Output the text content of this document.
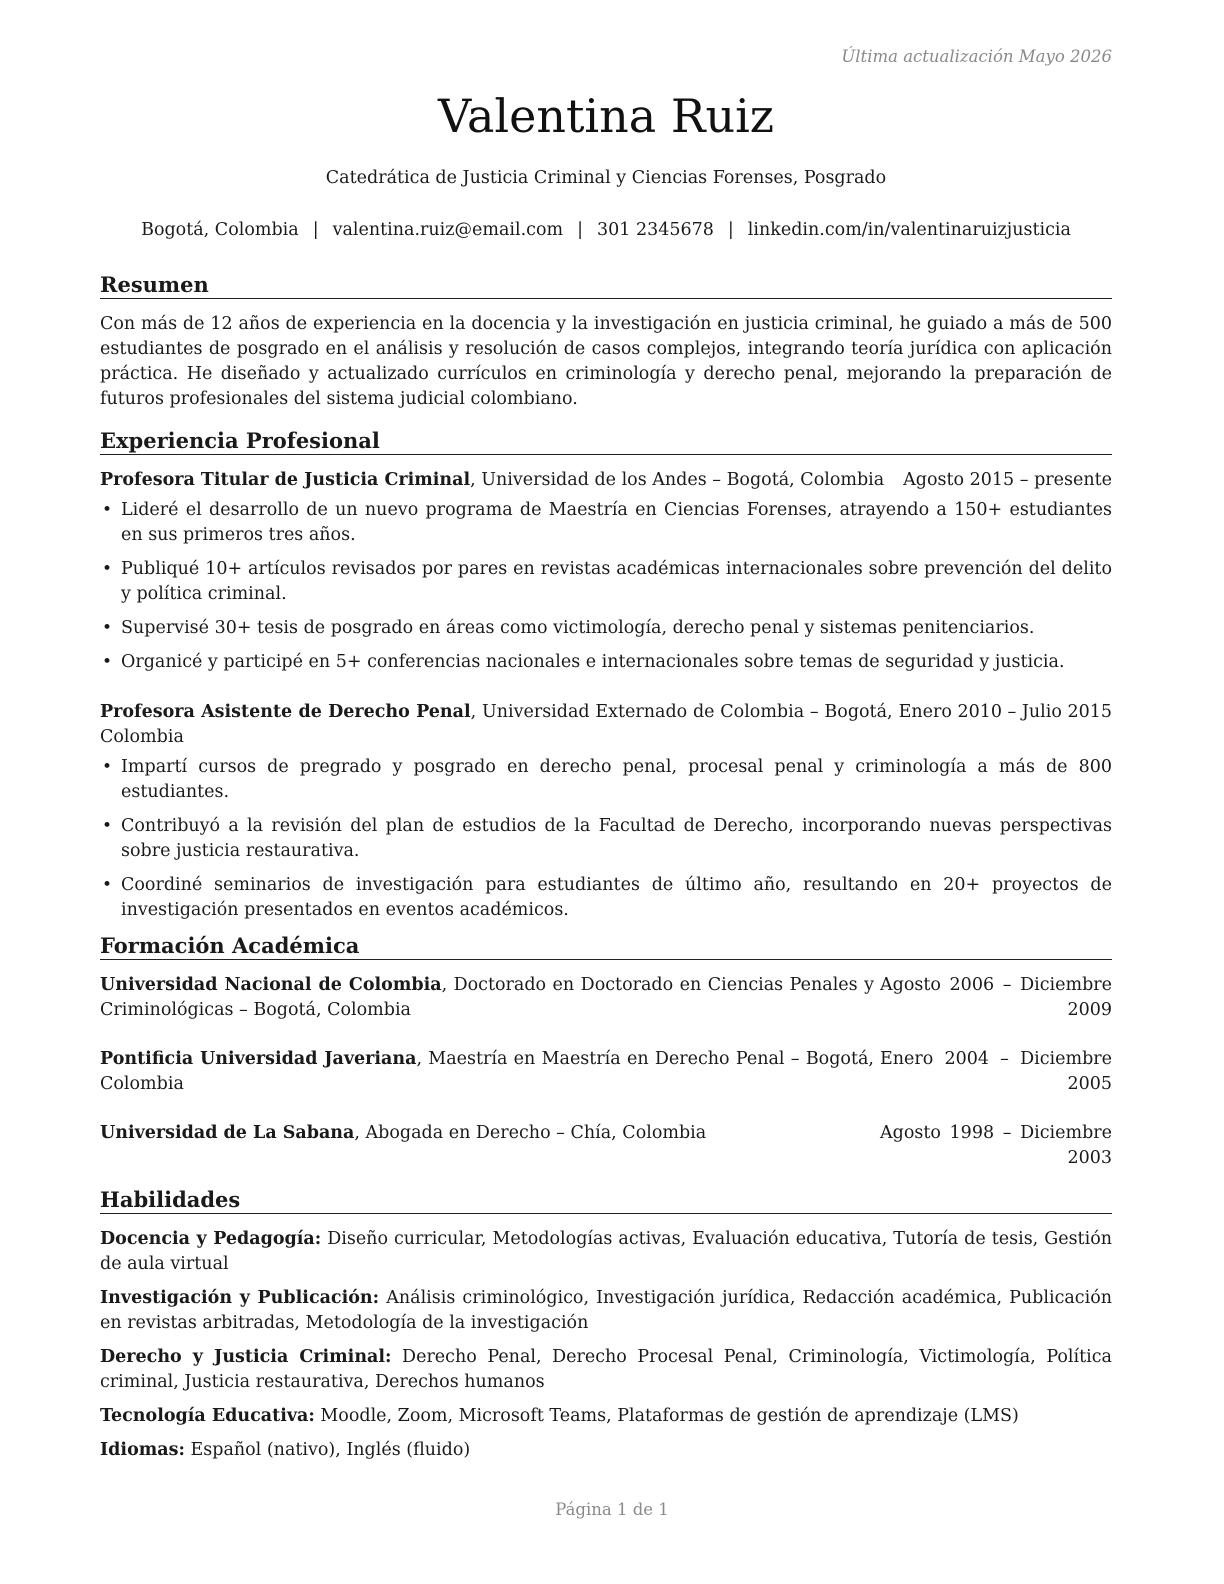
Última actualización Mayo 2026
Valentina Ruiz
Catedrática de Justicia Criminal y Ciencias Forenses, Posgrado
Bogotá, Colombia | valentina.ruiz@email.com | 301 2345678 | linkedin.com/in/valentinaruizjusticia
Resumen
Con más de 12 años de experiencia en la docencia y la investigación en justicia criminal, he guiado a más de 500 estudiantes de posgrado en el análisis y resolución de casos complejos, integrando teoría jurídica con aplicación práctica. He diseñado y actualizado currículos en criminología y derecho penal, mejorando la preparación de futuros profesionales del sistema judicial colombiano.
Experiencia Profesional
Profesora Titular de Justicia Criminal, Universidad de los Andes – Bogotá, Colombia	Agosto 2015 – presente
• Lideré el desarrollo de un nuevo programa de Maestría en Ciencias Forenses, atrayendo a 150+ estudiantes en sus primeros tres años.
• Publiqué 10+ artículos revisados por pares en revistas académicas internacionales sobre prevención del delito y política criminal.
• Supervisé 30+ tesis de posgrado en áreas como victimología, derecho penal y sistemas penitenciarios.
• Organicé y participé en 5+ conferencias nacionales e internacionales sobre temas de seguridad y justicia.
Profesora Asistente de Derecho Penal, Universidad Externado de Colombia – Bogotá, Colombia
Enero 2010 – Julio 2015
• Impartí cursos de pregrado y posgrado en derecho penal, procesal penal y criminología a más de 800 estudiantes.
• Contribuyó a la revisión del plan de estudios de la Facultad de Derecho, incorporando nuevas perspectivas sobre justicia restaurativa.
• Coordiné seminarios de investigación para estudiantes de último año, resultando en 20+ proyectos de investigación presentados en eventos académicos.
Formación Académica
Universidad Nacional de Colombia, Doctorado en Doctorado en Ciencias Penales y Criminológicas – Bogotá, Colombia
Agosto 2006 – Diciembre 2009
Pontificia Universidad Javeriana, Maestría en Maestría en Derecho Penal – Bogotá, Colombia
Enero 2004 – Diciembre 2005
Universidad de La Sabana, Abogada en Derecho – Chía, Colombia	Agosto 1998 – Diciembre 2003
Habilidades
Docencia y Pedagogía: Diseño curricular, Metodologías activas, Evaluación educativa, Tutoría de tesis, Gestión de aula virtual
Investigación y Publicación: Análisis criminológico, Investigación jurídica, Redacción académica, Publicación en revistas arbitradas, Metodología de la investigación
Derecho y Justicia Criminal: Derecho Penal, Derecho Procesal Penal, Criminología, Victimología, Política criminal, Justicia restaurativa, Derechos humanos
Tecnología Educativa: Moodle, Zoom, Microsoft Teams, Plataformas de gestión de aprendizaje (LMS)
Idiomas: Español (nativo), Inglés (fluido)
Página 1 de 1
